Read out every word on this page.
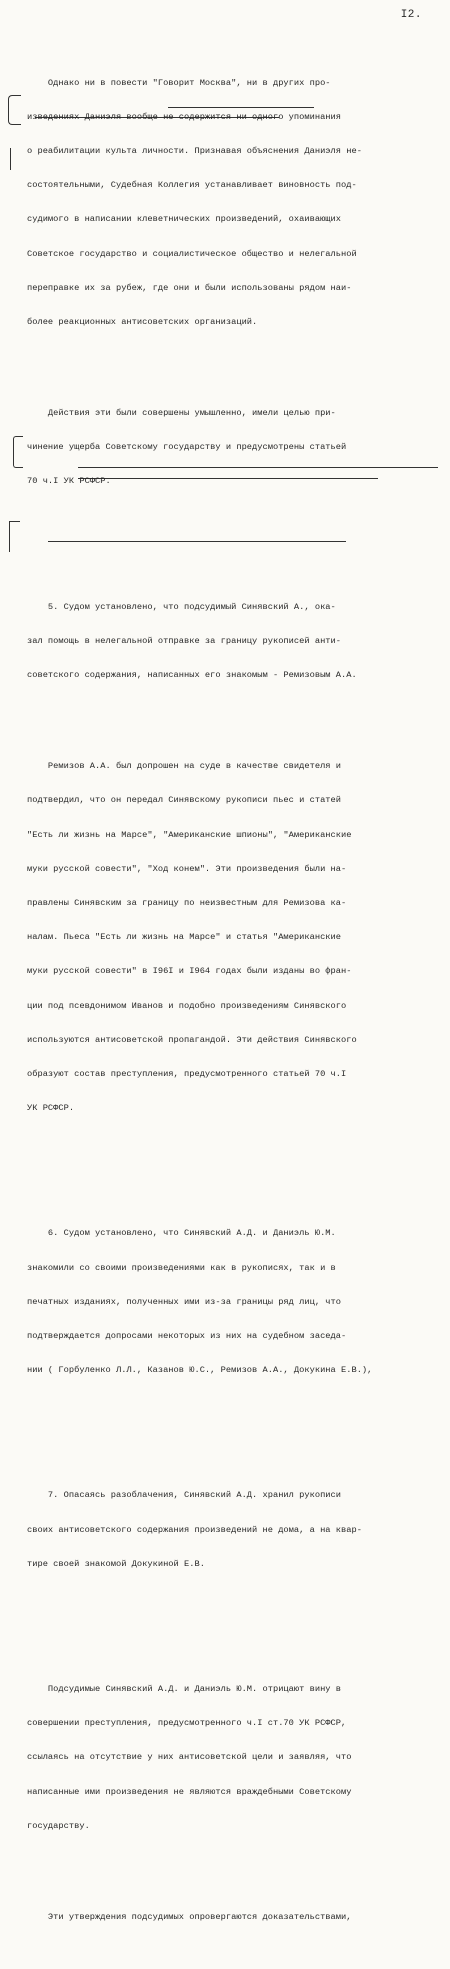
I2.

Однако ни в повести "Говорит Москва", ни в других про-

изведениях Даниэля вообще не содержится ни одного упоминания

о реабилитации культа личности. Признавая объяснения Даниэля не-

состоятельными, Судебная Коллегия устанавливает виновность под-

судимого в написании клеветнических произведений, охаивающих

Советское государство и социалистическое общество и нелегальной

переправке их за рубеж, где они и были использованы рядом наи-

более реакционных антисоветских организаций.

Действия эти были совершены умышленно, имели целью при-

чинение ущерба Советскому государству и предусмотрены статьей

70 ч.I УК РСФСР.

5. Судом установлено, что подсудимый Синявский А., ока-

зал помощь в нелегальной отправке за границу рукописей анти-

советского содержания, написанных его знакомым - Ремизовым А.А.

Ремизов А.А. был допрошен на суде в качестве свидетеля и

подтвердил, что он передал Синявскому рукописи пьес и статей

"Есть ли жизнь на Марсе", "Американские шпионы", "Американские

муки русской совести", "Ход конем". Эти произведения были на-

правлены Синявским за границу по неизвестным для Ремизова ка-

налам. Пьеса "Есть ли жизнь на Марсе" и статья "Американские

муки русской совести" в I96I и I964 годах были изданы во фран-

ции под псевдонимом Иванов и подобно произведениям Синявского

используются антисоветской пропагандой. Эти действия Синявского

образуют состав преступления, предусмотренного статьей 70 ч.I

УК РСФСР.

6. Судом установлено, что Синявский А.Д. и Даниэль Ю.М.

знакомили со своими произведениями как в рукописях, так и в

печатных изданиях, полученных ими из-за границы ряд лиц, что

подтверждается допросами некоторых из них на судебном заседа-

нии ( Горбуленко Л.Л., Казанов Ю.С., Ремизов А.А., Докукина Е.В.),

7. Опасаясь разоблачения, Синявский А.Д. хранил рукописи

своих антисоветского содержания произведений не дома, а на квар-

тире своей знакомой Докукиной Е.В.

Подсудимые Синявский А.Д. и Даниэль Ю.М. отрицают вину в

совершении преступления, предусмотренного ч.I ст.70 УК РСФСР,

ссылаясь на отсутствие у них антисоветской цели и заявляя, что

написанные ими произведения не являются враждебными Советскому

государству.

Эти утверждения подсудимых опровергаются доказательствами,
